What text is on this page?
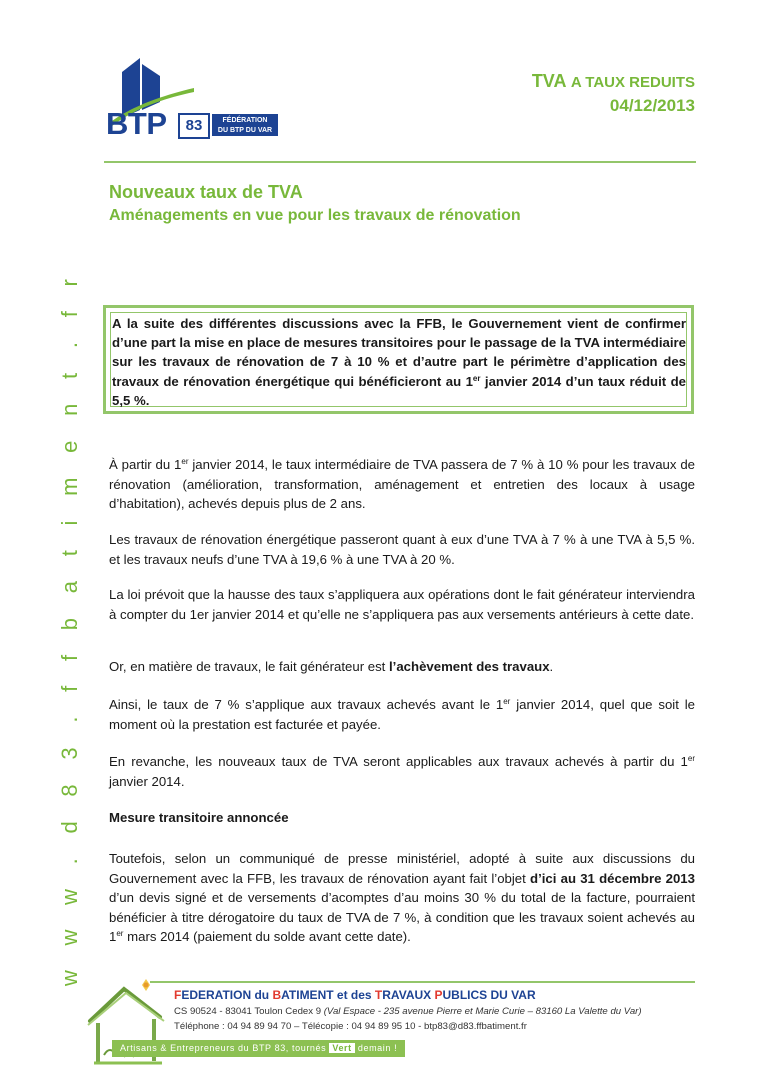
BTP	83	FÉDÉRATION
DU BTP DU VAR
TVA A TAUX REDUITS
04/12/2013
Nouveaux taux de TVA
Aménagements en vue pour les travaux de rénovation
A la suite des différentes discussions avec la FFB, le Gouvernement vient de confirmer d’une part la mise en place de mesures transitoires pour le passage de la TVA intermédiaire sur les travaux de rénovation de 7 à 10 % et d’autre part le périmètre d’application des travaux de rénovation énergétique qui bénéficieront au 1er janvier 2014 d’un taux réduit de 5,5 %.
À partir du 1er janvier 2014, le taux intermédiaire de TVA passera de 7 % à 10 % pour les travaux de rénovation (amélioration, transformation, aménagement et entretien des locaux à usage d’habitation), achevés depuis plus de 2 ans.
Les travaux de rénovation énergétique passeront quant à eux d’une TVA à 7 % à une TVA à 5,5 %. et les travaux neufs d’une TVA à 19,6 % à une TVA à 20 %.
La loi prévoit que la hausse des taux s’appliquera aux opérations dont le fait générateur interviendra à compter du 1er janvier 2014 et qu’elle ne s’appliquera pas aux versements antérieurs à cette date.
Or, en matière de travaux, le fait générateur est l’achèvement des travaux.
Ainsi, le taux de 7 % s’applique aux travaux achevés avant le 1er janvier 2014, quel que soit le moment où la prestation est facturée et payée.
En revanche, les nouveaux taux de TVA seront applicables aux travaux achevés à partir du 1er janvier 2014.
Mesure transitoire annoncée
Toutefois, selon un communiqué de presse ministériel, adopté à suite aux discussions du Gouvernement avec la FFB, les travaux de rénovation ayant fait l’objet d’ici au 31 décembre 2013 d’un devis signé et de versements d’acomptes d’au moins 30 % du total de la facture, pourraient bénéficier à titre dérogatoire du taux de TVA de 7 %, à condition que les travaux soient achevés au 1er mars 2014 (paiement du solde avant cette date).
w w w . d 8 3 . f f b a t i m e n t . f r
FEDERATION du BATIMENT et des TRAVAUX PUBLICS DU VAR
CS 90524 - 83041 Toulon Cedex 9 (Val Espace - 235 avenue Pierre et Marie Curie – 83160 La Valette du Var)
Téléphone : 04 94 89 94 70 – Télécopie : 04 94 89 95 10 - btp83@d83.ffbatiment.fr
Artisans & Entrepreneurs du BTP 83, tournés Vert demain !
